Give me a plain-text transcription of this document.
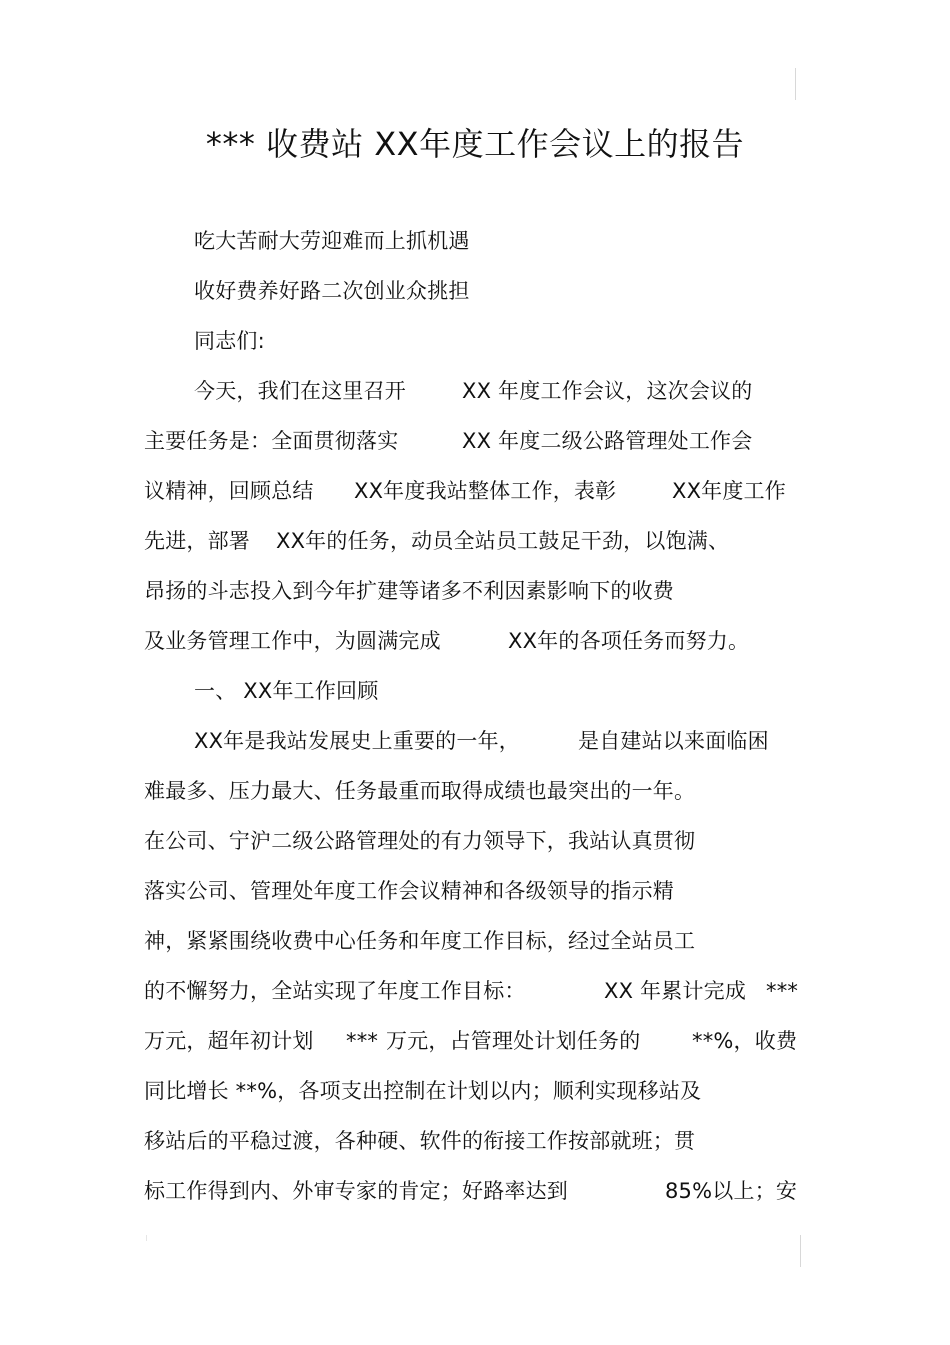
*** 收费站 XX年度工作会议上的报告
吃大苦耐大劳迎难而上抓机遇
收好费养好路二次创业众挑担
同志们:
今天，我们在这里召开	XX 年度工作会议，这次会议的
主要任务是：全面贯彻落实	XX 年度二级公路管理处工作会
议精神，回顾总结 XX年度我站整体工作，表彰	XX年度工作
先进，部署 XX年的任务，动员全站员工鼓足干劲，以饱满、
昂扬的斗志投入到今年扩建等诸多不利因素影响下的收费
及业务管理工作中，为圆满完成	XX年的各项任务而努力。
一、 XX年工作回顾
XX年是我站发展史上重要的一年，	是自建站以来面临困
难最多、压力最大、任务最重而取得成绩也最突出的一年。
在公司、宁沪二级公路管理处的有力领导下，我站认真贯彻
落实公司、管理处年度工作会议精神和各级领导的指示精
神，紧紧围绕收费中心任务和年度工作目标，经过全站员工
的不懈努力，全站实现了年度工作目标：	XX 年累计完成 ***
万元，超年初计划 *** 万元，占管理处计划任务的 **%，收费
同比增长 **%，各项支出控制在计划以内；顺利实现移站及
移站后的平稳过渡，各种硬、软件的衔接工作按部就班；贯
标工作得到内、外审专家的肯定；好路率达到	85%以上；安
